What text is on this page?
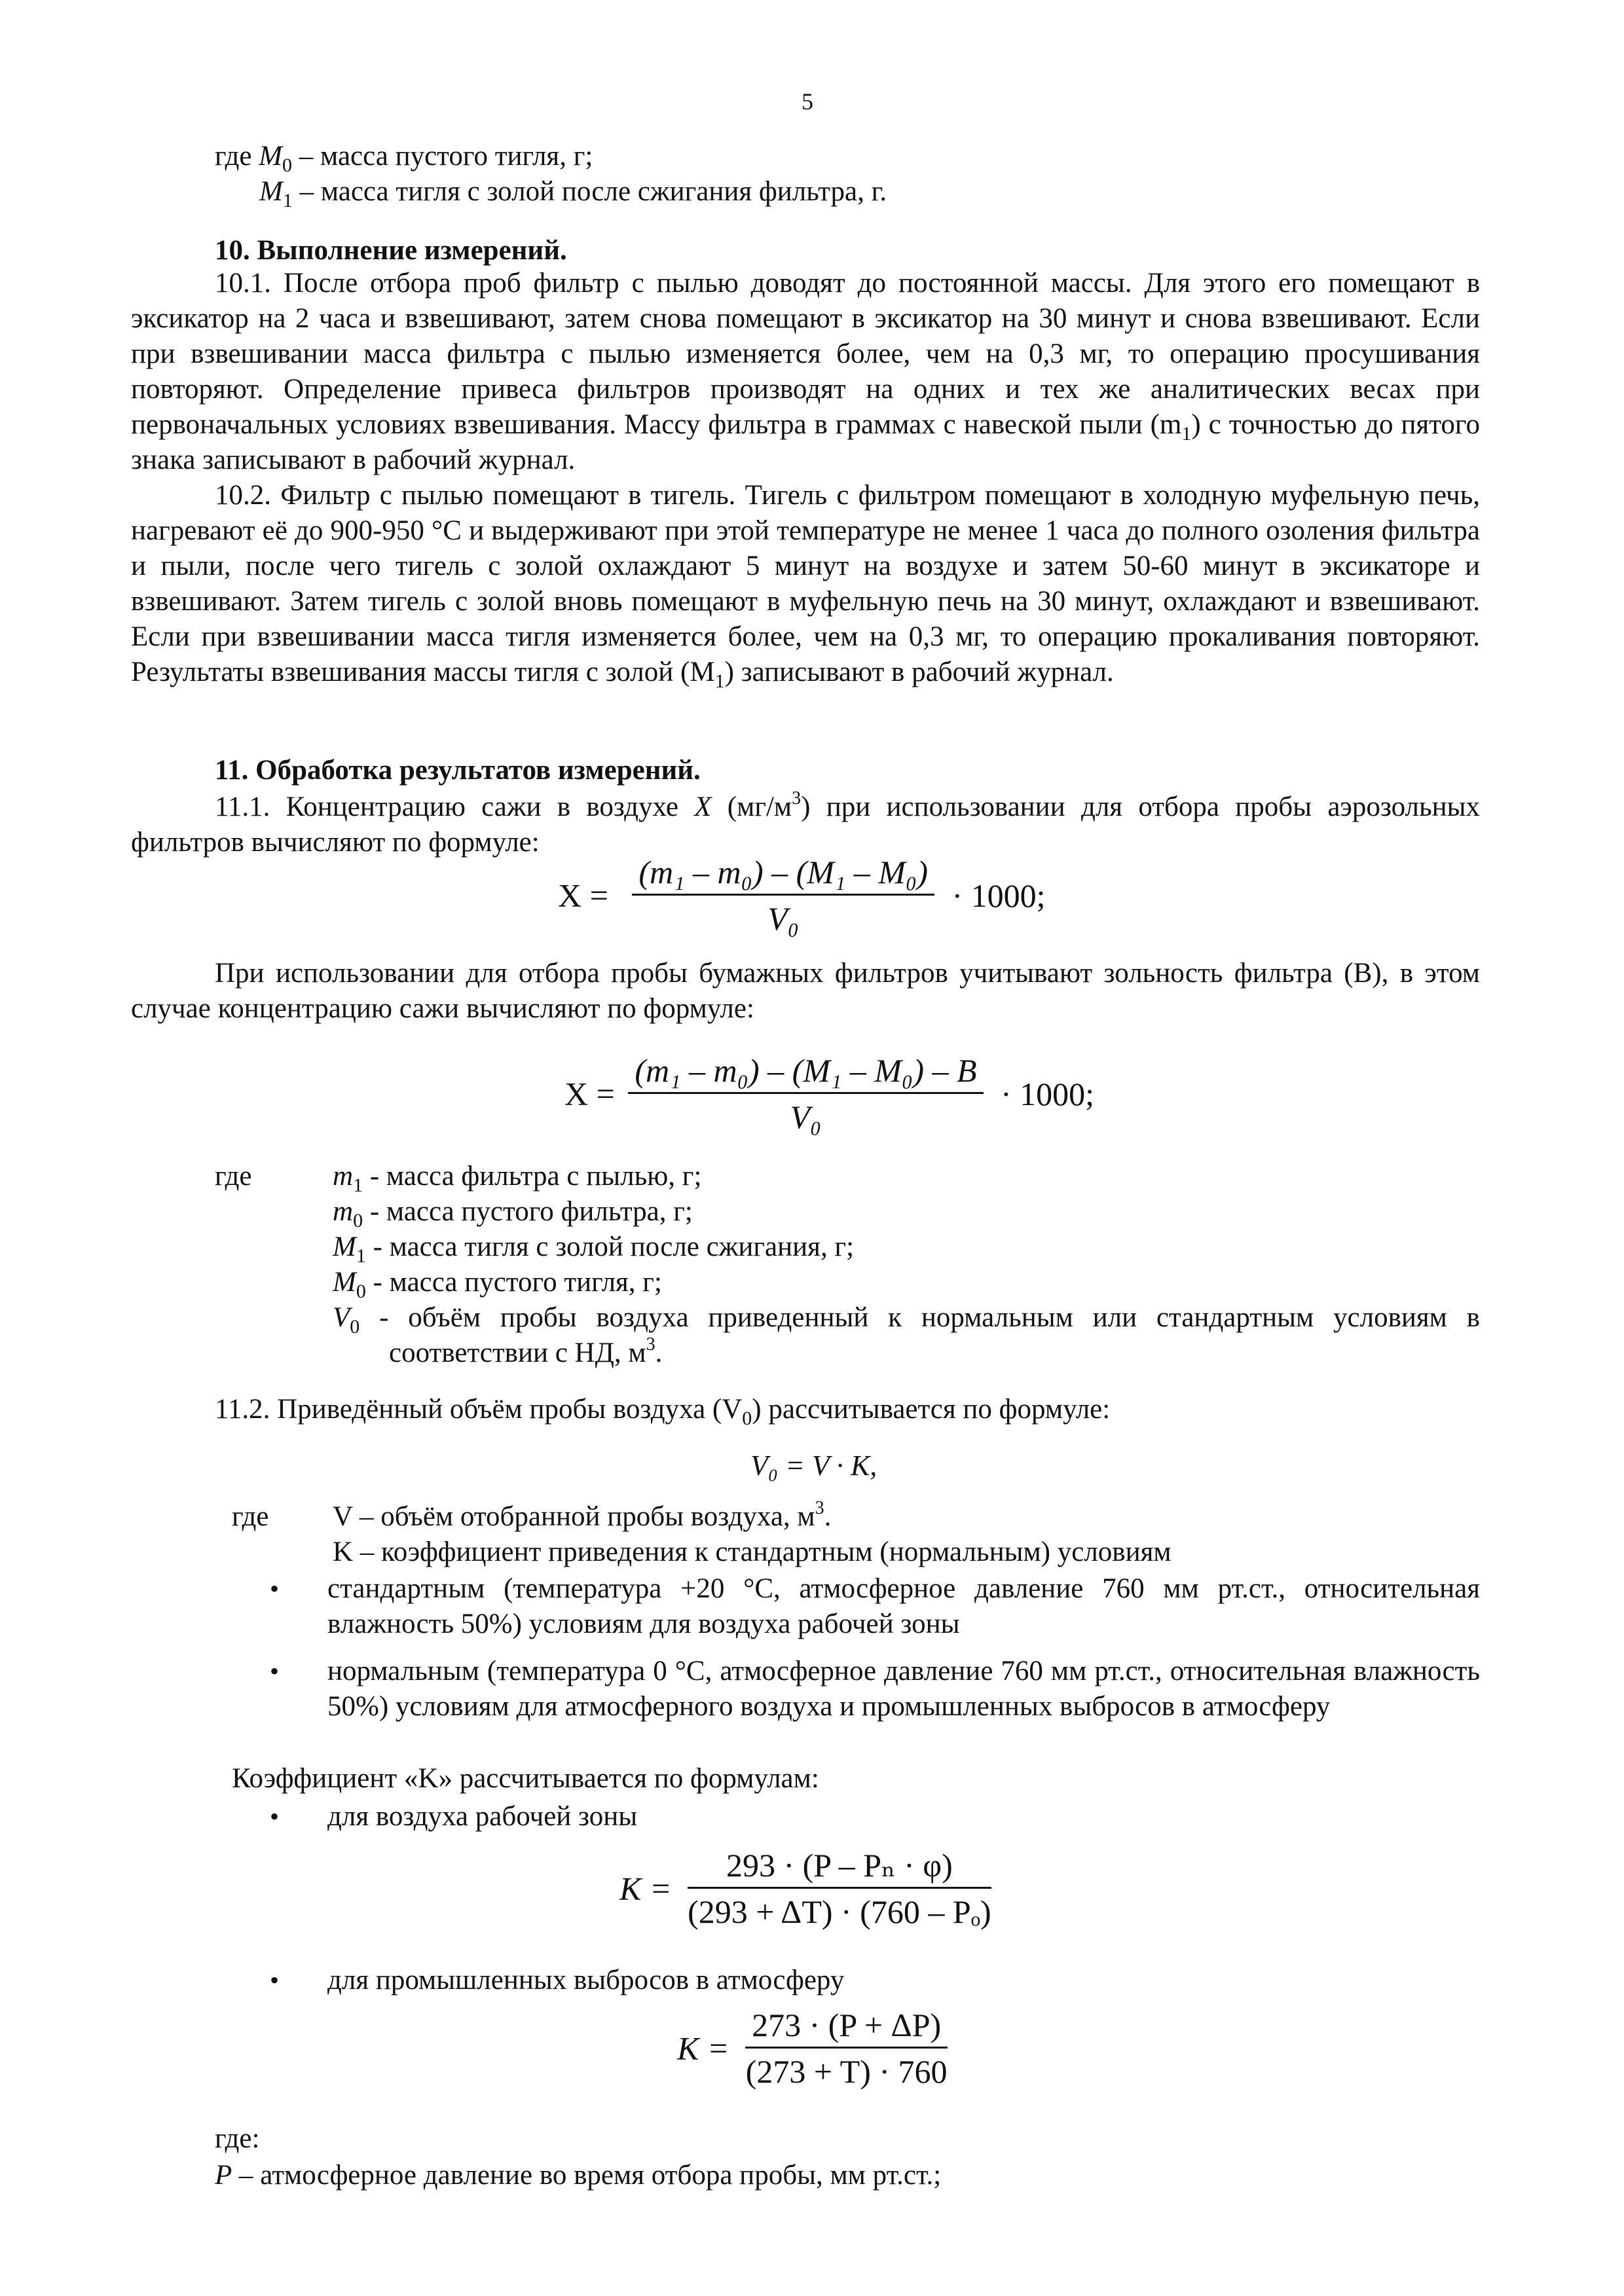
5
где $M_0$ – масса пустого тигля, г;
$M_1$ – масса тигля с золой после сжигания фильтра, г.
10. Выполнение измерений.

10.1. После отбора проб фильтр с пылью доводят до постоянной массы. Для этого его помещают в эксикатор на 2 часа и взвешивают, затем снова помещают в эксикатор на 30 минут и снова взвешивают. Если при взвешивании масса фильтра с пылью изменяется более, чем на 0,3 мг, то операцию просушивания повторяют. Определение привеса фильтров производят на одних и тех же аналитических весах при первоначальных условиях взвешивания. Массу фильтра в граммах с навеской пыли $(m_1)$ с точностью до пятого знака записывают в рабочий журнал.

10.2. Фильтр с пылью помещают в тигель. Тигель с фильтром помещают в холодную муфельную печь, нагревают её до 900-950 °С и выдерживают при этой температуре не менее 1 часа до полного озоления фильтра и пыли, после чего тигель с золой охлаждают 5 минут на воздухе и затем 50-60 минут в эксикаторе и взвешивают. Затем тигель с золой вновь помещают в муфельную печь на 30 минут, охлаждают и взвешивают. Если при взвешивании масса тигля изменяется более, чем на 0,3 мг, то операцию прокаливания повторяют. Результаты взвешивания массы тигля с золой $(M_1)$ записывают в рабочий журнал.

11. Обработка результатов измерений.

11.1. Концентрацию сажи в воздухе X $(мг/м^3)$ при использовании для отбора пробы аэрозольных фильтров вычисляют по формуле:

$X = \frac{\text{(m₁ – m₀) – (M₁ – M₀)}}{\text{V₀}} \cdot 1000$;

При использовании для отбора пробы бумажных фильтров учитывают зольность фильтра (B), в этом случае концентрацию сажи вычисляют по формуле:

$X = \frac{\text{(m₁ – m₀) – (M₁ – M₀) – B}}{\text{V₀}} \cdot 1000$;
где	$m_1$ - масса фильтра с пылью, г;
$m_0$ - масса пустого фильтра, г;
$M_1$ - масса тигля с золой после сжигания, г;
$M_0$ - масса пустого тигля, г;
$V_0$ - объём пробы воздуха приведенный к нормальным или стандартным условиям в
соответствии с НД, $м^3$.

11.2. Приведённый объём пробы воздуха $(V_0)$ рассчитывается по формуле:

V₀ = V · K,
где V – объём отобранной пробы воздуха, $м^3$.
K – коэффициент приведения к стандартным (нормальным) условиям
• стандартным (температура +20 °С, атмосферное давление 760 мм рт.ст., относительная влажность 50%) условиям для воздуха рабочей зоны

• нормальным (температура 0 °С, атмосферное давление 760 мм рт.ст., относительная влажность 50%) условиям для атмосферного воздуха и промышленных выбросов в атмосферу

Коэффициент «K» рассчитывается по формулам:
• для воздуха рабочей зоны
$K = \frac{\text{293 · (P – Pₙ · φ)}}{\text{(293 + ΔT) · (760 – Pₒ)}}$
• для промышленных выбросов в атмосферу
$K = \frac{273 \cdot (P + \Delta P)}{(273 + T) \cdot 760}$
где:
P – атмосферное давление во время отбора пробы, мм рт.ст.;
